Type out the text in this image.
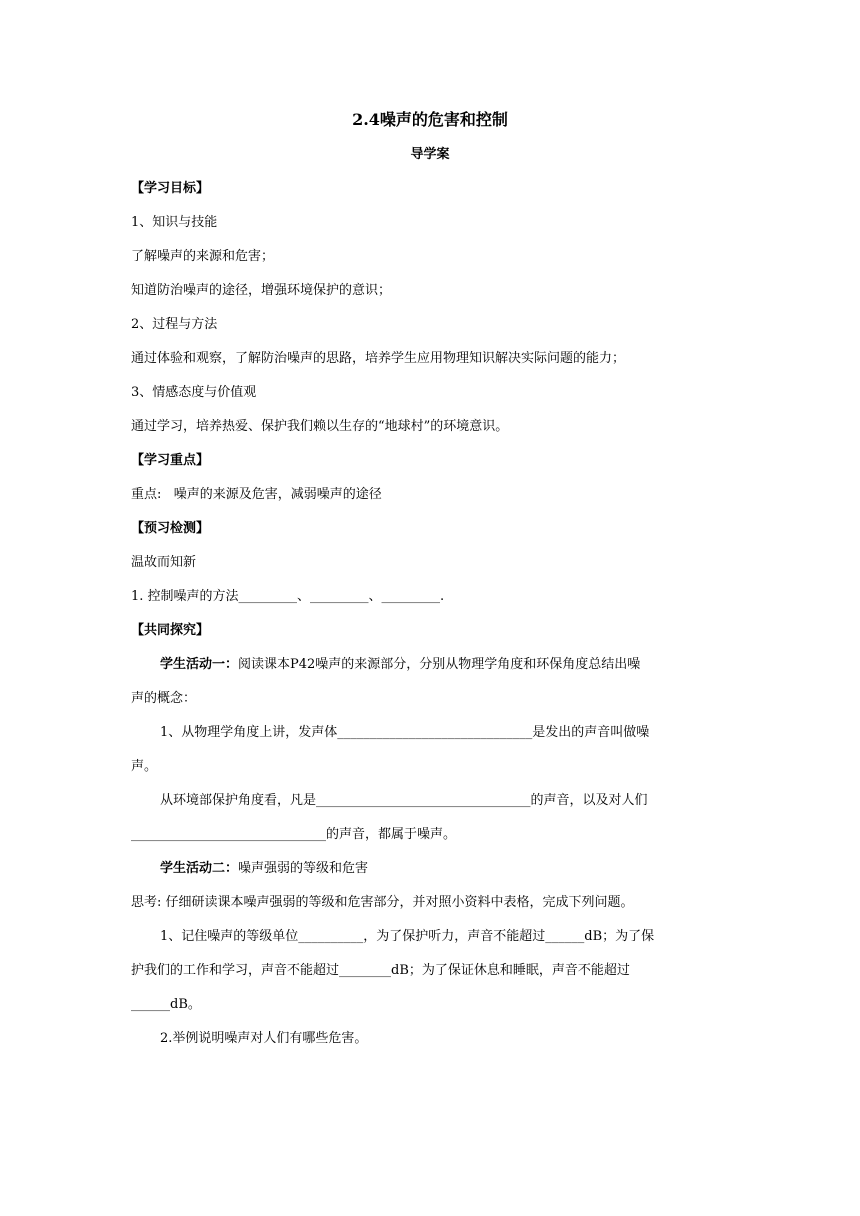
2.4噪声的危害和控制

导学案

【学习目标】

1、知识与技能

了解噪声的来源和危害；

知道防治噪声的途径，增强环境保护的意识；

2、过程与方法

通过体验和观察，了解防治噪声的思路，培养学生应用物理知识解决实际问题的能力；

3、情感态度与价值观

通过学习，培养热爱、保护我们赖以生存的“地球村”的环境意识。

【学习重点】

重点:   噪声的来源及危害，减弱噪声的途径

【预习检测】

温故而知新

1. 控制噪声的方法_________、_________、_________.

【共同探究】

学生活动一：阅读课本P42噪声的来源部分，分别从物理学角度和环保角度总结出噪

声的概念：

1、从物理学角度上讲，发声体______________________________是发出的声音叫做噪

声。

从环境部保护角度看，凡是_________________________________的声音，以及对人们

______________________________的声音，都属于噪声。

学生活动二：噪声强弱的等级和危害

思考: 仔细研读课本噪声强弱的等级和危害部分，并对照小资料中表格，完成下列问题。

1、记住噪声的等级单位__________，为了保护听力，声音不能超过______dB；为了保

护我们的工作和学习，声音不能超过________dB；为了保证休息和睡眠，声音不能超过

______dB。

2.举例说明噪声对人们有哪些危害。
